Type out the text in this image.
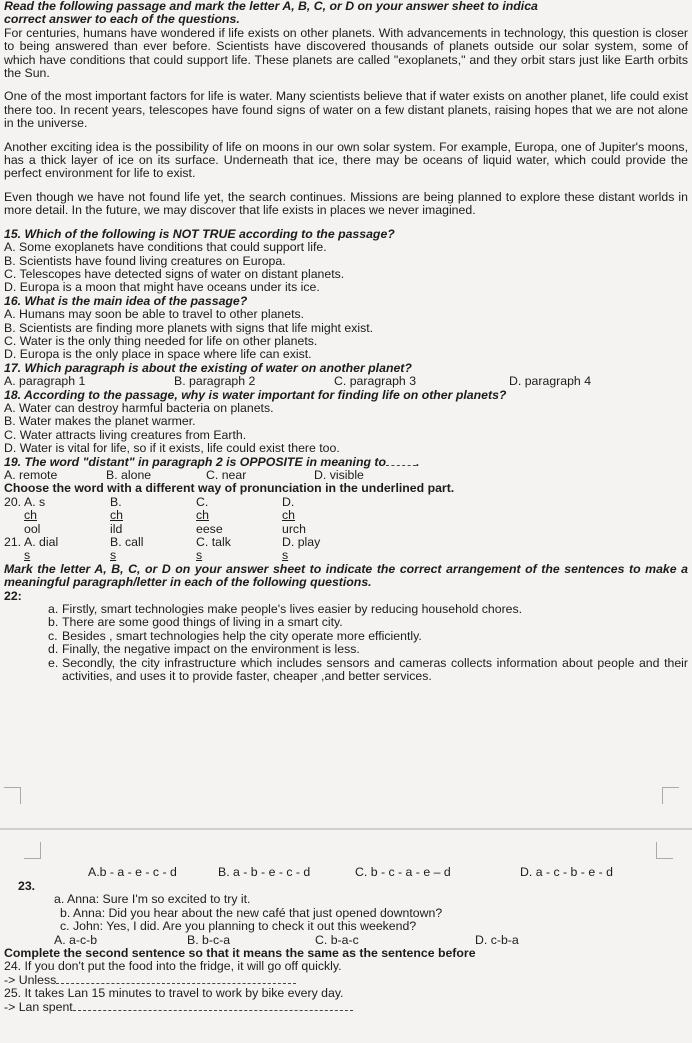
Read the following passage and mark the letter A, B, C, or D on your answer sheet to indica
correct answer to each of the questions.

For centuries, humans have wondered if life exists on other planets. With advancements in technology, this question is closer to being answered than ever before. Scientists have discovered thousands of planets outside our solar system, some of which have conditions that could support life. These planets are called "exoplanets," and they orbit stars just like Earth orbits the Sun.

One of the most important factors for life is water. Many scientists believe that if water exists on another planet, life could exist there too. In recent years, telescopes have found signs of water on a few distant planets, raising hopes that we are not alone in the universe.

Another exciting idea is the possibility of life on moons in our own solar system. For example, Europa, one of Jupiter's moons, has a thick layer of ice on its surface. Underneath that ice, there may be oceans of liquid water, which could provide the perfect environment for life to exist.

Even though we have not found life yet, the search continues. Missions are being planned to explore these distant worlds in more detail. In the future, we may discover that life exists in places we never imagined.

15. Which of the following is NOT TRUE according to the passage?
A. Some exoplanets have conditions that could support life.
B. Scientists have found living creatures on Europa.
C. Telescopes have detected signs of water on distant planets.
D. Europa is a moon that might have oceans under its ice.
16. What is the main idea of the passage?
A. Humans may soon be able to travel to other planets.
B. Scientists are finding more planets with signs that life might exist.
C. Water is the only thing needed for life on other planets.
D. Europa is the only place in space where life can exist.
17. Which paragraph is about the existing of water on another planet?
A. paragraph 1	B. paragraph 2	C. paragraph 3	D. paragraph 4
18. According to the passage, why is water important for finding life on other planets?
A. Water can destroy harmful bacteria on planets.
B. Water makes the planet warmer.
C. Water attracts living creatures from Earth.
D. Water is vital for life, so if it exists, life could exist there too.
19. The word "distant" in paragraph 2 is OPPOSITE in meaning to .
A. remote	B. alone	C. near	D. visible
Choose the word with a different way of pronunciation in the underlined part.
20. A. s
ch
ool
B.
ch
ild
C.
ch
eese
D.
ch
urch
21. A. dial
s
B. call
s
C. talk
s
D. play
s

Mark the letter A, B, C, or D on your answer sheet to indicate the correct arrangement of the sentences to make a meaningful paragraph/letter in each of the following questions.

22:
a. Firstly, smart technologies make people's lives easier by reducing household chores.
b. There are some good things of living in a smart city.
c. Besides , smart technologies help the city operate more efficiently.
d. Finally, the negative impact on the environment is less.
e. Secondly, the city infrastructure which includes sensors and cameras collects information about people and their activities, and uses it to provide faster, cheaper ,and better services.
A.b - a - e - c - d	B. a - b - e - c - d	C. b - c - a - e – d	D. a - c - b - e - d
23.
a. Anna: Sure I'm so excited to try it.
b. Anna: Did you hear about the new café that just opened downtown?
c. John: Yes, I did. Are you planning to check it out this weekend?
A. a-c-b	B. b-c-a	C. b-a-c	D. c-b-a
Complete the second sentence so that it means the same as the sentence before
24. If you don't put the food into the fridge, it will go off quickly.
-> Unless
25. It takes Lan 15 minutes to travel to work by bike every day.
-> Lan spent
